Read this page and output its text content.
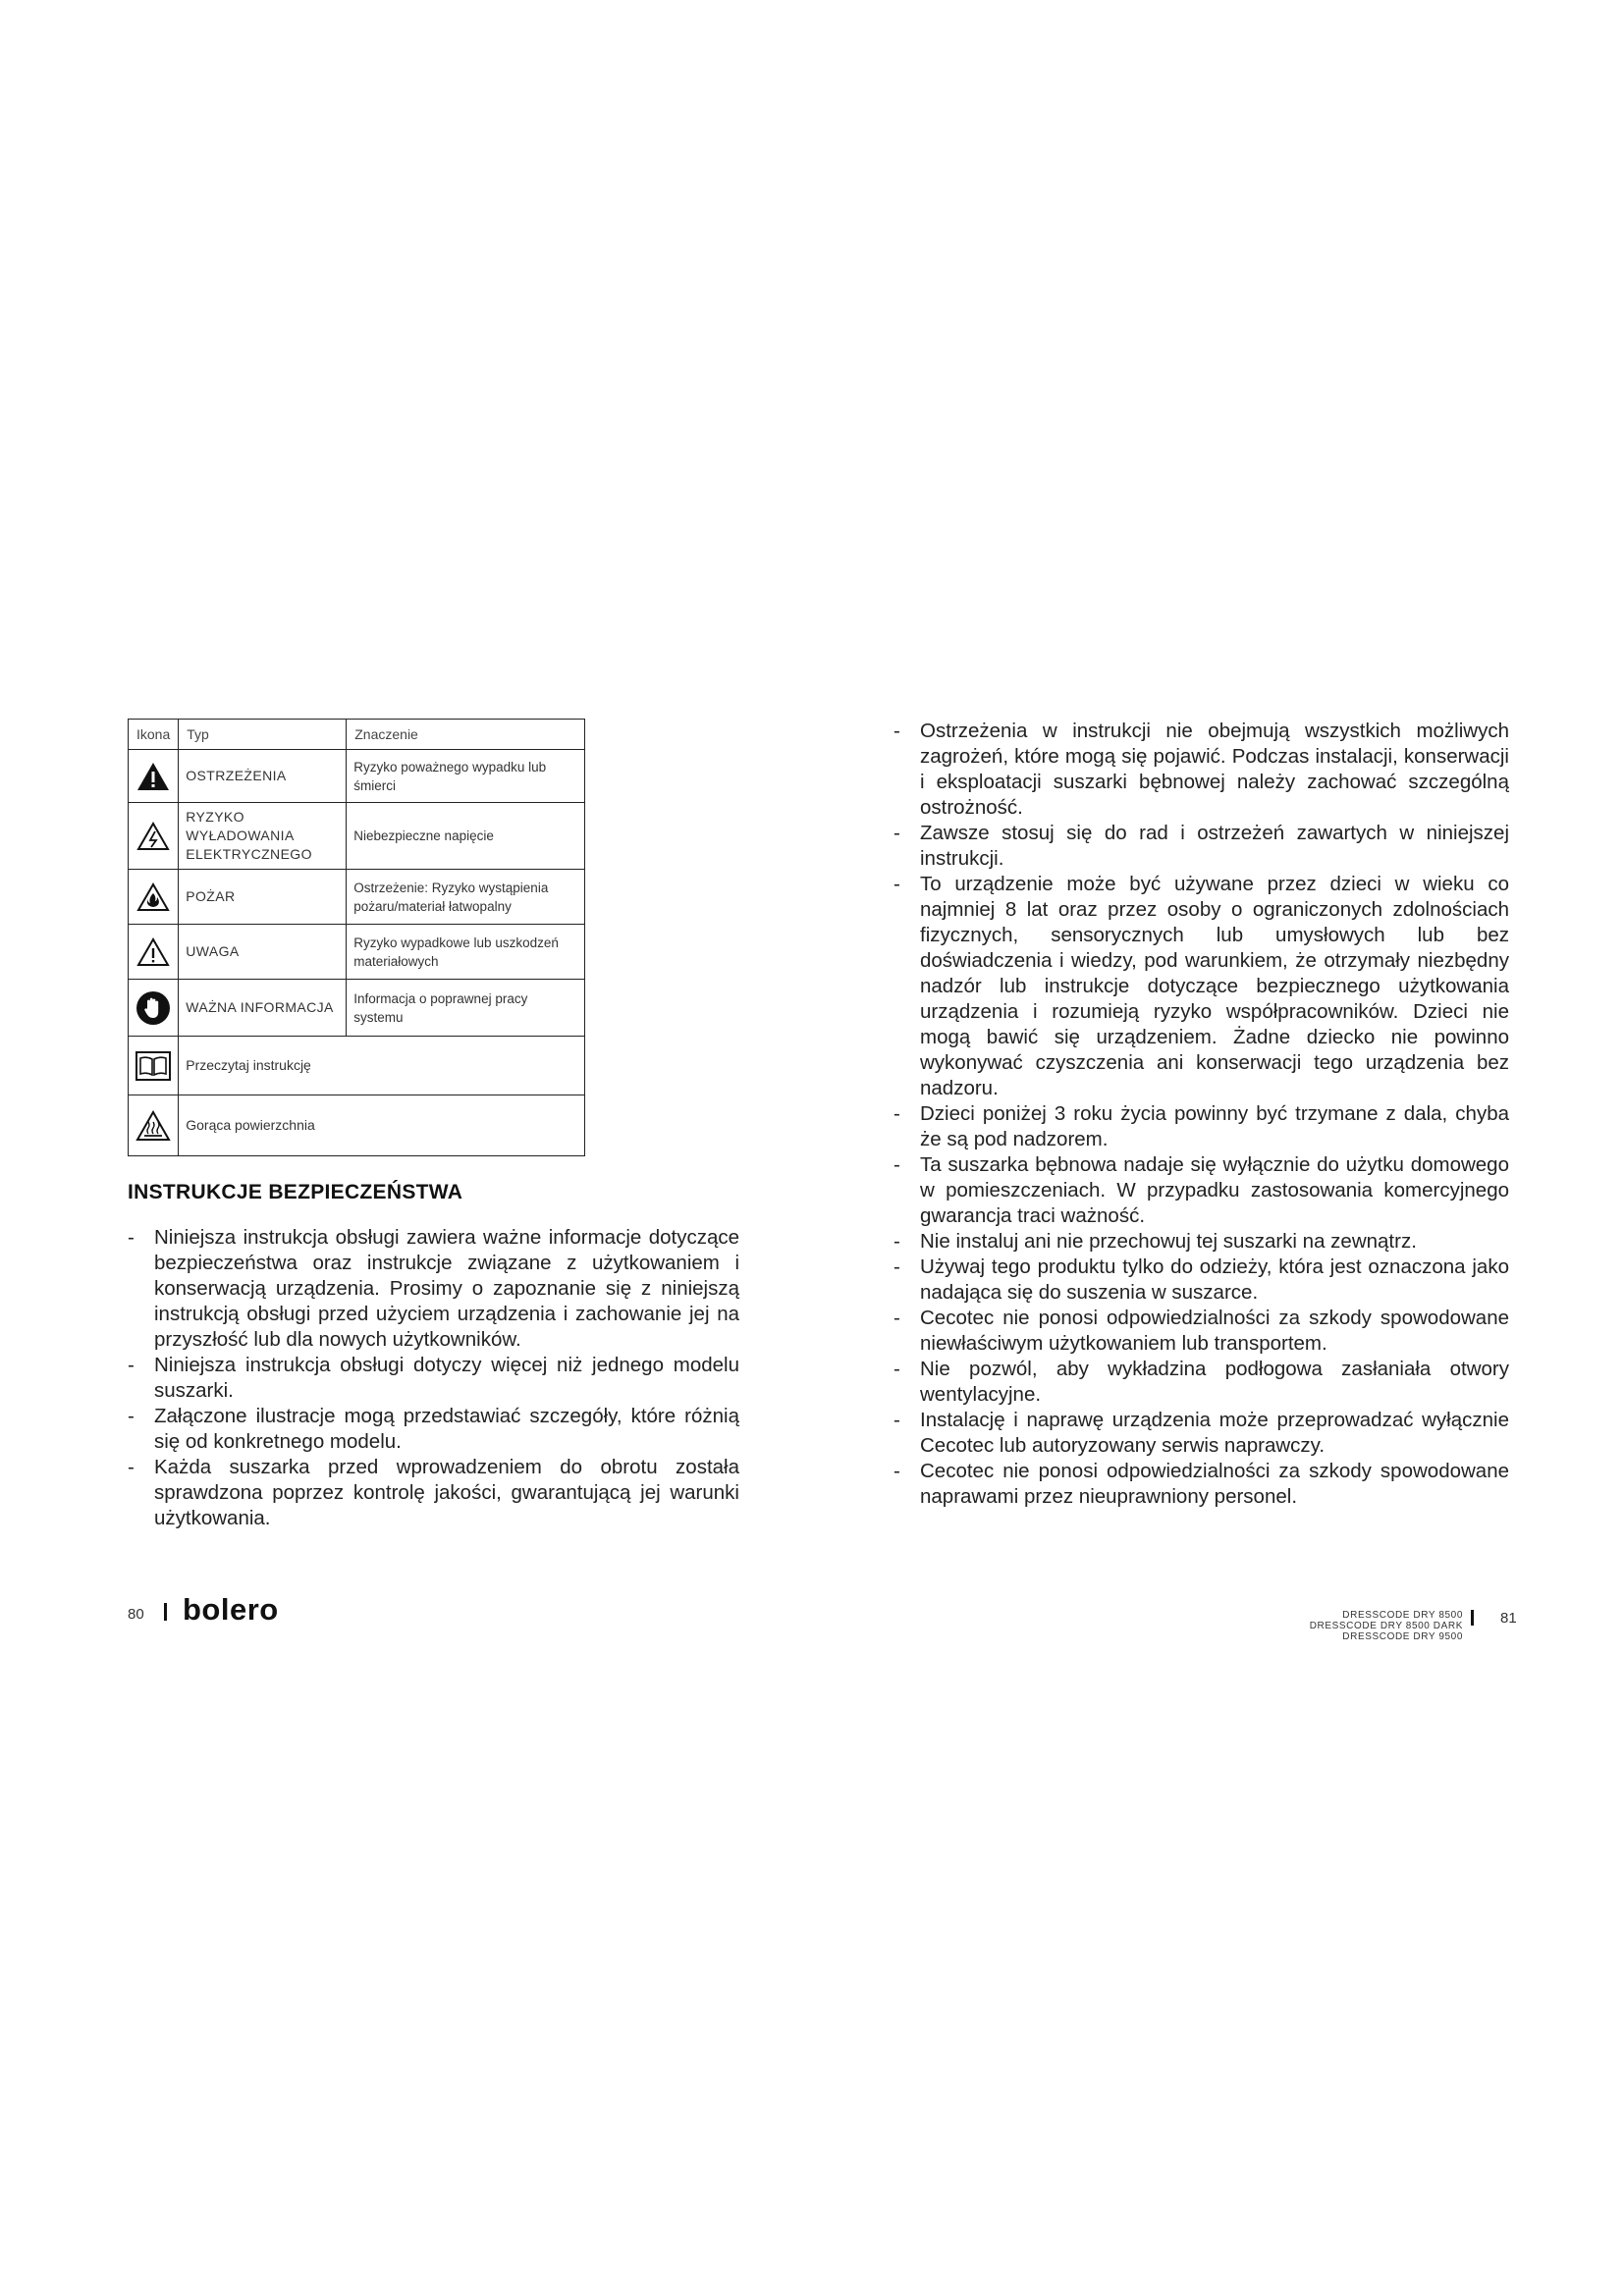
Ikona	Typ	Znaczenie

	OSTRZEŻENIA	Ryzyko poważnego wypadku lub śmierci

	RYZYKO WYŁADOWANIA ELEKTRYCZNEGO	Niebezpieczne napięcie

	POŻAR	Ostrzeżenie: Ryzyko wystąpienia pożaru/materiał łatwopalny

	UWAGA	Ryzyko wypadkowe lub uszkodzeń materiałowych

	WAŻNA INFORMACJA	Informacja o poprawnej pracy systemu

	Przeczytaj instrukcję	

	Gorąca powierzchnia	
INSTRUKCJE BEZPIECZEŃSTWA
- Niniejsza instrukcja obsługi zawiera ważne informacje dotyczące bezpieczeństwa oraz instrukcje związane z użytkowaniem i konserwacją urządzenia. Prosimy o zapoznanie się z niniejszą instrukcją obsługi przed użyciem urządzenia i zachowanie jej na przyszłość lub dla nowych użytkowników.
- Niniejsza instrukcja obsługi dotyczy więcej niż jednego modelu suszarki.
- Załączone ilustracje mogą przedstawiać szczegóły, które różnią się od konkretnego modelu.
- Każda suszarka przed wprowadzeniem do obrotu została sprawdzona poprzez kontrolę jakości, gwarantującą jej warunki użytkowania.
- Ostrzeżenia w instrukcji nie obejmują wszystkich możliwych zagrożeń, które mogą się pojawić. Podczas instalacji, konserwacji i eksploatacji suszarki bębnowej należy zachować szczególną ostrożność.
- Zawsze stosuj się do rad i ostrzeżeń zawartych w niniejszej instrukcji.
- To urządzenie może być używane przez dzieci w wieku co najmniej 8 lat oraz przez osoby o ograniczonych zdolnościach fizycznych, sensorycznych lub umysłowych lub bez doświadczenia i wiedzy, pod warunkiem, że otrzymały niezbędny nadzór lub instrukcje dotyczące bezpiecznego użytkowania urządzenia i rozumieją ryzyko współpracowników. Dzieci nie mogą bawić się urządzeniem. Żadne dziecko nie powinno wykonywać czyszczenia ani konserwacji tego urządzenia bez nadzoru.
- Dzieci poniżej 3 roku życia powinny być trzymane z dala, chyba że są pod nadzorem.
- Ta suszarka bębnowa nadaje się wyłącznie do użytku domowego w pomieszczeniach. W przypadku zastosowania komercyjnego gwarancja traci ważność.
- Nie instaluj ani nie przechowuj tej suszarki na zewnątrz.
- Używaj tego produktu tylko do odzieży, która jest oznaczona jako nadająca się do suszenia w suszarce.
- Cecotec nie ponosi odpowiedzialności za szkody spowodowane niewłaściwym użytkowaniem lub transportem.
- Nie pozwól, aby wykładzina podłogowa zasłaniała otwory wentylacyjne.
- Instalację i naprawę urządzenia może przeprowadzać wyłącznie Cecotec lub autoryzowany serwis naprawczy.
- Cecotec nie ponosi odpowiedzialności za szkody spowodowane naprawami przez nieuprawniony personel.
80 bolero	DRESSCODE DRY 8500
DRESSCODE DRY 8500 DARK
DRESSCODE DRY 9500
81
